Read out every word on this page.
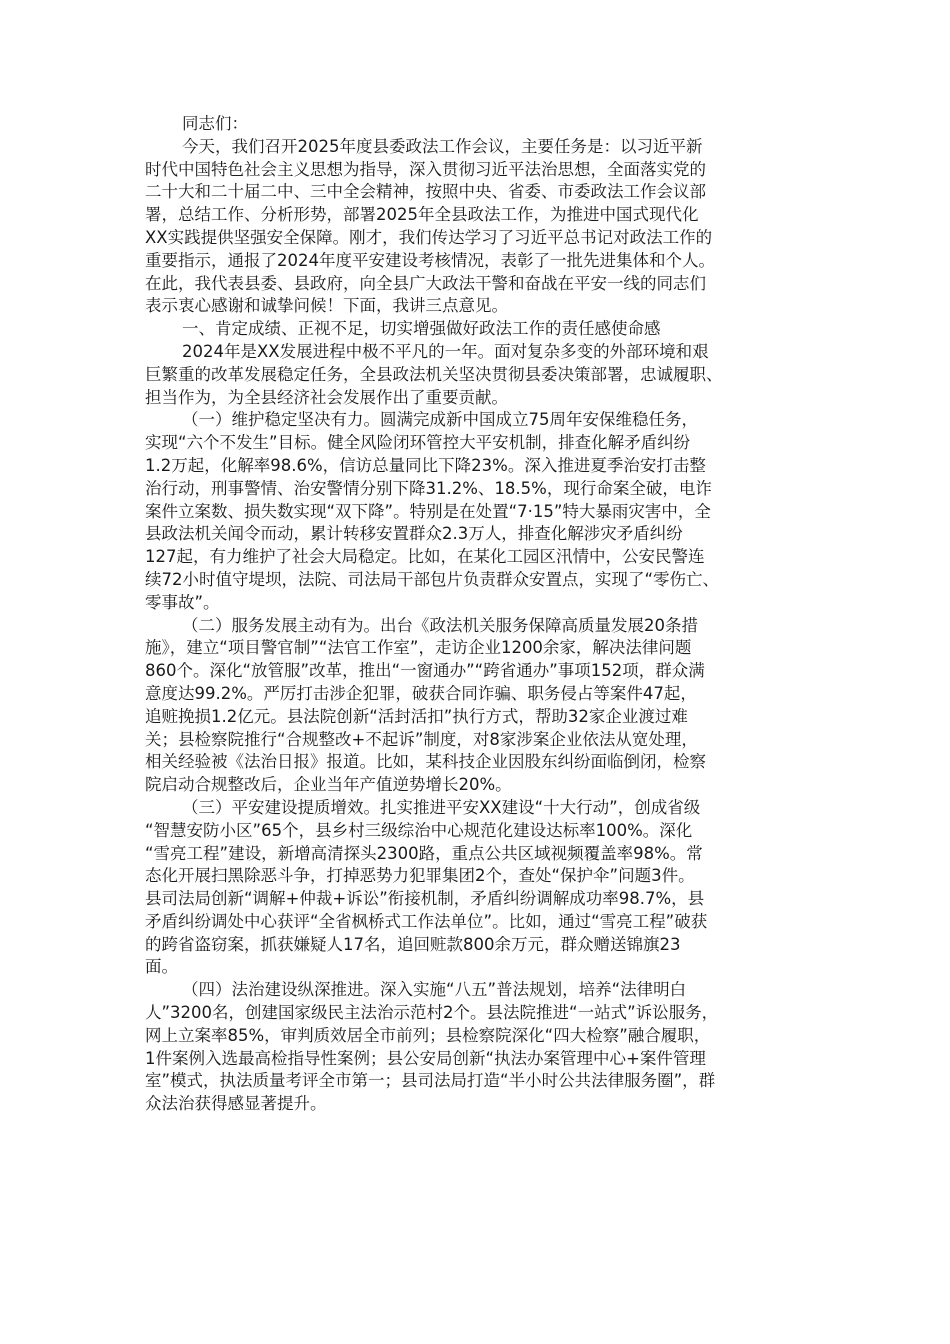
同志们：
今天，我们召开2025年度县委政法工作会议，主要任务是：以习近平新
时代中国特色社会主义思想为指导，深入贯彻习近平法治思想，全面落实党的
二十大和二十届二中、三中全会精神，按照中央、省委、市委政法工作会议部
署，总结工作、分析形势，部署2025年全县政法工作，为推进中国式现代化
XX实践提供坚强安全保障。刚才，我们传达学习了习近平总书记对政法工作的
重要指示，通报了2024年度平安建设考核情况，表彰了一批先进集体和个人。
在此，我代表县委、县政府，向全县广大政法干警和奋战在平安一线的同志们
表示衷心感谢和诚挚问候！下面，我讲三点意见。
一、肯定成绩、正视不足，切实增强做好政法工作的责任感使命感
2024年是XX发展进程中极不平凡的一年。面对复杂多变的外部环境和艰
巨繁重的改革发展稳定任务，全县政法机关坚决贯彻县委决策部署，忠诚履职、
担当作为，为全县经济社会发展作出了重要贡献。
（一）维护稳定坚决有力。圆满完成新中国成立75周年安保维稳任务，
实现“六个不发生”目标。健全风险闭环管控大平安机制，排查化解矛盾纠纷
1.2万起，化解率98.6%，信访总量同比下降23%。深入推进夏季治安打击整
治行动，刑事警情、治安警情分别下降31.2%、18.5%，现行命案全破，电诈
案件立案数、损失数实现“双下降”。特别是在处置“7·15”特大暴雨灾害中，全
县政法机关闻令而动，累计转移安置群众2.3万人，排查化解涉灾矛盾纠纷
127起，有力维护了社会大局稳定。比如，在某化工园区汛情中，公安民警连
续72小时值守堤坝，法院、司法局干部包片负责群众安置点，实现了“零伤亡、
零事故”。
（二）服务发展主动有为。出台《政法机关服务保障高质量发展20条措
施》，建立“项目警官制”“法官工作室”，走访企业1200余家，解决法律问题
860个。深化“放管服”改革，推出“一窗通办”“跨省通办”事项152项，群众满
意度达99.2%。严厉打击涉企犯罪，破获合同诈骗、职务侵占等案件47起，
追赃挽损1.2亿元。县法院创新“活封活扣”执行方式，帮助32家企业渡过难
关；县检察院推行“合规整改+不起诉”制度，对8家涉案企业依法从宽处理，
相关经验被《法治日报》报道。比如，某科技企业因股东纠纷面临倒闭，检察
院启动合规整改后，企业当年产值逆势增长20%。
（三）平安建设提质增效。扎实推进平安XX建设“十大行动”，创成省级
“智慧安防小区”65个，县乡村三级综治中心规范化建设达标率100%。深化
“雪亮工程”建设，新增高清探头2300路，重点公共区域视频覆盖率98%。常
态化开展扫黑除恶斗争，打掉恶势力犯罪集团2个，查处“保护伞”问题3件。
县司法局创新“调解+仲裁+诉讼”衔接机制，矛盾纠纷调解成功率98.7%，县
矛盾纠纷调处中心获评“全省枫桥式工作法单位”。比如，通过“雪亮工程”破获
的跨省盗窃案，抓获嫌疑人17名，追回赃款800余万元，群众赠送锦旗23
面。
（四）法治建设纵深推进。深入实施“八五”普法规划，培养“法律明白
人”3200名，创建国家级民主法治示范村2个。县法院推进“一站式”诉讼服务，
网上立案率85%，审判质效居全市前列；县检察院深化“四大检察”融合履职，
1件案例入选最高检指导性案例；县公安局创新“执法办案管理中心+案件管理
室”模式，执法质量考评全市第一；县司法局打造“半小时公共法律服务圈”，群
众法治获得感显著提升。
